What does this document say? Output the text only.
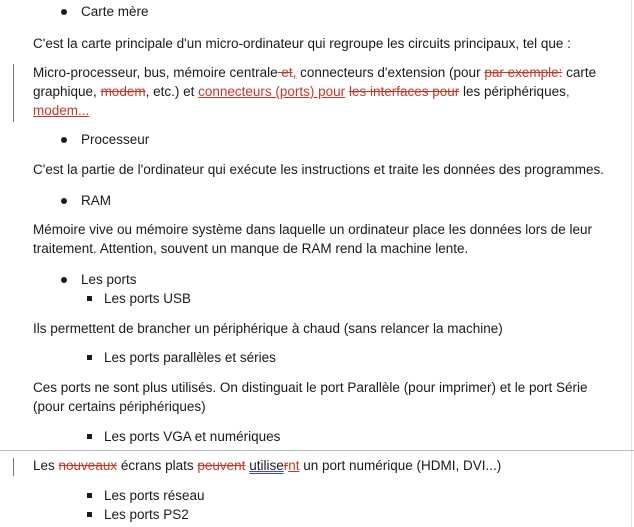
Carte mère
C'est la carte principale d'un micro-ordinateur qui regroupe les circuits principaux, tel que :
Micro-processeur, bus, mémoire centrale et, connecteurs d'extension (pour par exemple: carte
graphique, modem, etc.) et connecteurs (ports) pour les interfaces pour les périphériques,
modem...
Processeur
C'est la partie de l'ordinateur qui exécute les instructions et traite les données des programmes.
RAM
Mémoire vive ou mémoire système dans laquelle un ordinateur place les données lors de leur
traitement. Attention, souvent un manque de RAM rend la machine lente.
Les ports
Les ports USB
Ils permettent de brancher un périphérique à chaud (sans relancer la machine)
Les ports parallèles et séries
Ces ports ne sont plus utilisés. On distinguait le port Parallèle (pour imprimer) et le port Série
(pour certains périphériques)
Les ports VGA et numériques
Les nouveaux écrans plats peuvent utilisernt un port numérique (HDMI, DVI...)
Les ports réseau
Les ports PS2
